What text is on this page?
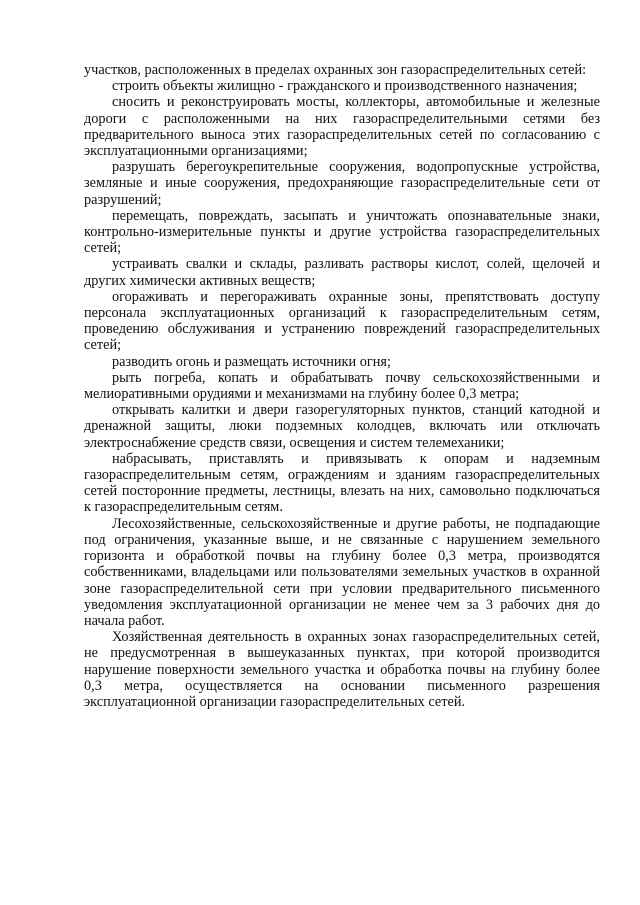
участков, расположенных в пределах охранных зон газораспределительных сетей:

строить объекты жилищно - гражданского и производственного назначения;

сносить и реконструировать мосты, коллекторы, автомобильные и железные дороги с расположенными на них газораспределительными сетями без предварительного выноса этих газораспределительных сетей по согласованию с эксплуатационными организациями;

разрушать берегоукрепительные сооружения, водопропускные устройства, земляные и иные сооружения, предохраняющие газораспределительные сети от разрушений;

перемещать, повреждать, засыпать и уничтожать опознавательные знаки, контрольно-измерительные пункты и другие устройства газораспределительных сетей;

устраивать свалки и склады, разливать растворы кислот, солей, щелочей и других химически активных веществ;

огораживать и перегораживать охранные зоны, препятствовать доступу персонала эксплуатационных организаций к газораспределительным сетям, проведению обслуживания и устранению повреждений газораспределительных сетей;

разводить огонь и размещать источники огня;

рыть погреба, копать и обрабатывать почву сельскохозяйственными и мелиоративными орудиями и механизмами на глубину более 0,3 метра;

открывать калитки и двери газорегуляторных пунктов, станций катодной и дренажной защиты, люки подземных колодцев, включать или отключать электроснабжение средств связи, освещения и систем телемеханики;

набрасывать, приставлять и привязывать к опорам и надземным газораспределительным сетям, ограждениям и зданиям газораспределительных сетей посторонние предметы, лестницы, влезать на них, самовольно подключаться к газораспределительным сетям.

Лесохозяйственные, сельскохозяйственные и другие работы, не подпадающие под ограничения, указанные выше, и не связанные с нарушением земельного горизонта и обработкой почвы на глубину более 0,3 метра, производятся собственниками, владельцами или пользователями земельных участков в охранной зоне газораспределительной сети при условии предварительного письменного уведомления эксплуатационной организации не менее чем за 3 рабочих дня до начала работ.

Хозяйственная деятельность в охранных зонах газораспределительных сетей, не предусмотренная в вышеуказанных пунктах, при которой производится нарушение поверхности земельного участка и обработка почвы на глубину более 0,3 метра, осуществляется на основании письменного разрешения эксплуатационной организации газораспределительных сетей.
